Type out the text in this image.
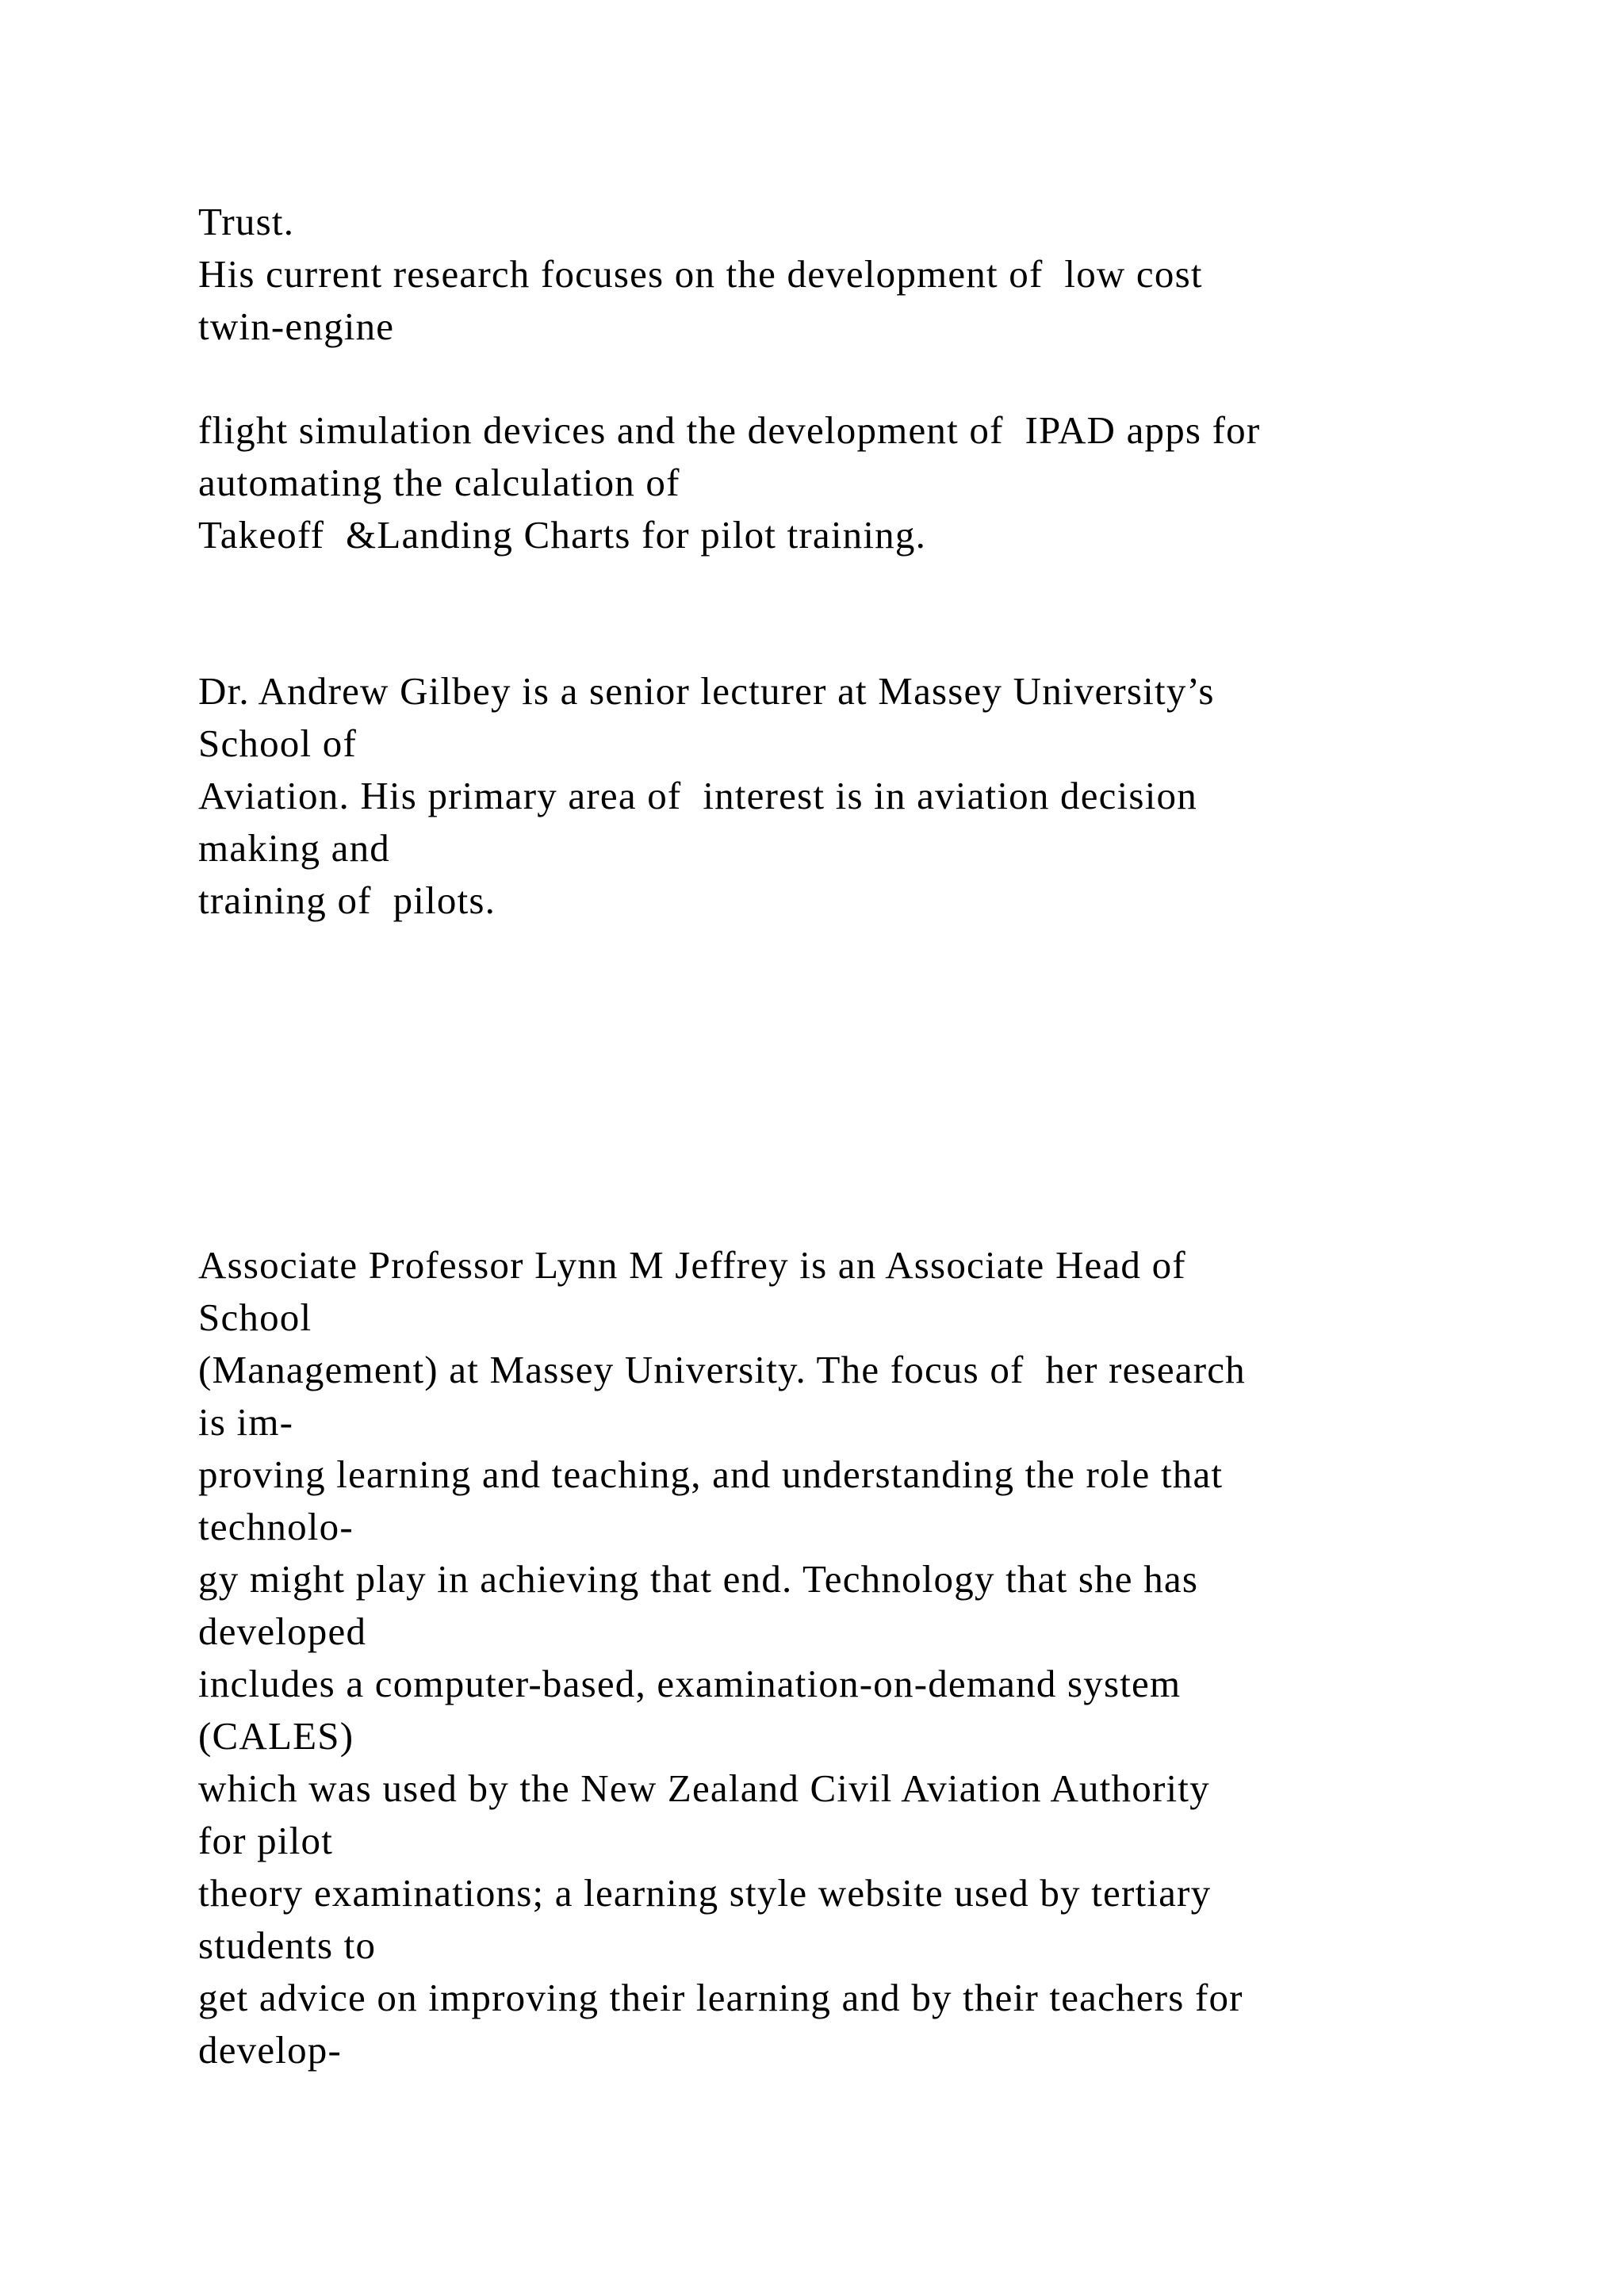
Trust.
His current research focuses on the development of  low cost
twin-engine
flight simulation devices and the development of  IPAD apps for
automating the calculation of
Takeoff  &Landing Charts for pilot training.
Dr. Andrew Gilbey is a senior lecturer at Massey University’s
School of
Aviation. His primary area of  interest is in aviation decision
making and
training of  pilots.
Associate Professor Lynn M Jeffrey is an Associate Head of
School
(Management) at Massey University. The focus of  her research
is im-
proving learning and teaching, and understanding the role that
technolo-
gy might play in achieving that end. Technology that she has
developed
includes a computer-based, examination-on-demand system
(CALES)
which was used by the New Zealand Civil Aviation Authority
for pilot
theory examinations; a learning style website used by tertiary
students to
get advice on improving their learning and by their teachers for
develop-
